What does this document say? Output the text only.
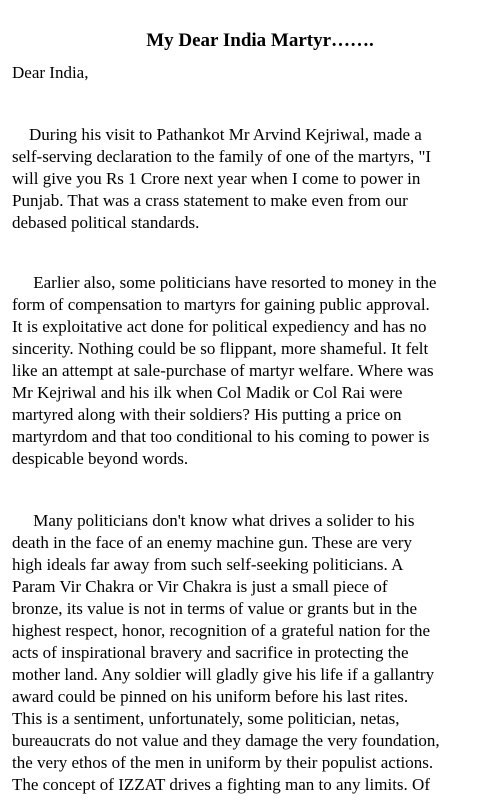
My Dear India Martyr…….

Dear India,

During his visit to Pathankot Mr Arvind Kejriwal, made a
self-serving declaration to the family of one of the martyrs, "I
will give you Rs 1 Crore next year when I come to power in
Punjab. That was a crass statement to make even from our
debased political standards.

Earlier also, some politicians have resorted to money in the
form of compensation to martyrs for gaining public approval.
It is exploitative act done for political expediency and has no
sincerity. Nothing could be so flippant, more shameful. It felt
like an attempt at sale-purchase of martyr welfare. Where was
Mr Kejriwal and his ilk when Col Madik or Col Rai were
martyred along with their soldiers? His putting a price on
martyrdom and that too conditional to his coming to power is
despicable beyond words.

Many politicians don't know what drives a solider to his
death in the face of an enemy machine gun. These are very
high ideals far away from such self-seeking politicians. A
Param Vir Chakra or Vir Chakra is just a small piece of
bronze, its value is not in terms of value or grants but in the
highest respect, honor, recognition of a grateful nation for the
acts of inspirational bravery and sacrifice in protecting the
mother land. Any soldier will gladly give his life if a gallantry
award could be pinned on his uniform before his last rites.
This is a sentiment, unfortunately, some politician, netas,
bureaucrats do not value and they damage the very foundation,
the very ethos of the men in uniform by their populist actions.
The concept of IZZAT drives a fighting man to any limits. Of
